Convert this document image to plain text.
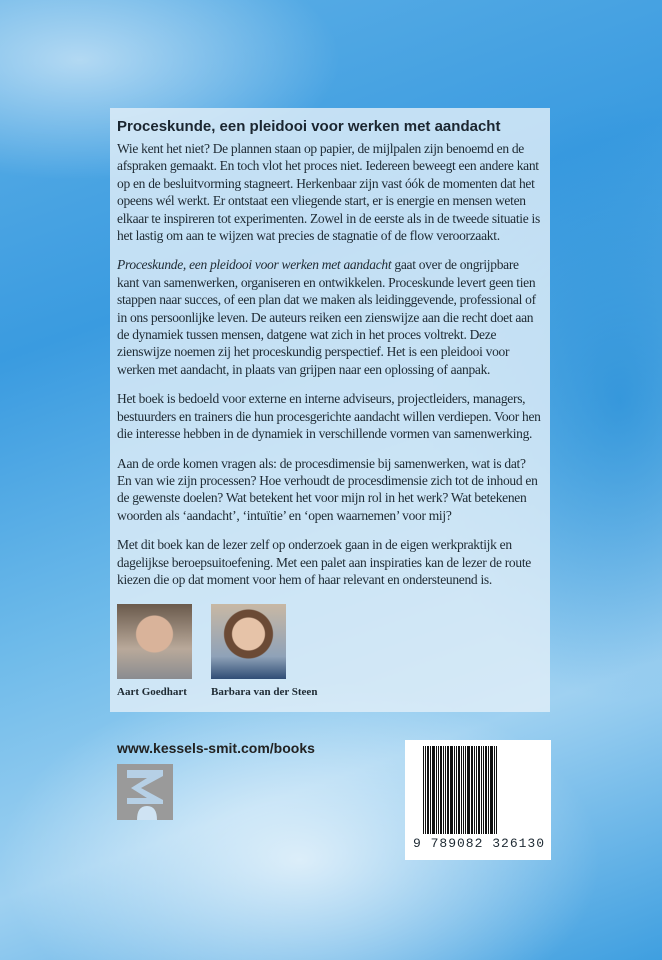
Proceskunde, een pleidooi voor werken met aandacht

Wie kent het niet? De plannen staan op papier, de mijlpalen zijn benoemd en de afspraken gemaakt. En toch vlot het proces niet. Iedereen beweegt een andere kant op en de besluitvorming stagneert. Herkenbaar zijn vast óók de momenten dat het opeens wél werkt. Er ontstaat een vliegende start, er is energie en mensen weten elkaar te inspireren tot experimenten. Zowel in de eerste als in de tweede situatie is het lastig om aan te wijzen wat precies de stagnatie of de flow veroorzaakt.

Proceskunde, een pleidooi voor werken met aandacht gaat over de ongrijpbare kant van samenwerken, organiseren en ontwikkelen. Proceskunde levert geen tien stappen naar succes, of een plan dat we maken als leidinggevende, professional of in ons persoonlijke leven. De auteurs reiken een zienswijze aan die recht doet aan de dynamiek tussen mensen, datgene wat zich in het proces voltrekt. Deze zienswijze noemen zij het proceskundig perspectief. Het is een pleidooi voor werken met aandacht, in plaats van grijpen naar een oplossing of aanpak.

Het boek is bedoeld voor externe en interne adviseurs, projectleiders, managers, bestuurders en trainers die hun procesgerichte aandacht willen verdiepen. Voor hen die interesse hebben in de dynamiek in verschillende vormen van samenwerking.

Aan de orde komen vragen als: de procesdimensie bij samenwerken, wat is dat? En van wie zijn processen? Hoe verhoudt de procesdimensie zich tot de inhoud en de gewenste doelen? Wat betekent het voor mijn rol in het werk? Wat betekenen woorden als ‘aandacht’, ‘intuïtie’ en ‘open waarnemen’ voor mij?

Met dit boek kan de lezer zelf op onderzoek gaan in de eigen werkpraktijk en dagelijkse beroepsuitoefening. Met een palet aan inspiraties kan de lezer de route kiezen die op dat moment voor hem of haar relevant en ondersteunend is.

Aart Goedhart	Barbara van der Steen
www.kessels-smit.com/books
9 789082 326130
